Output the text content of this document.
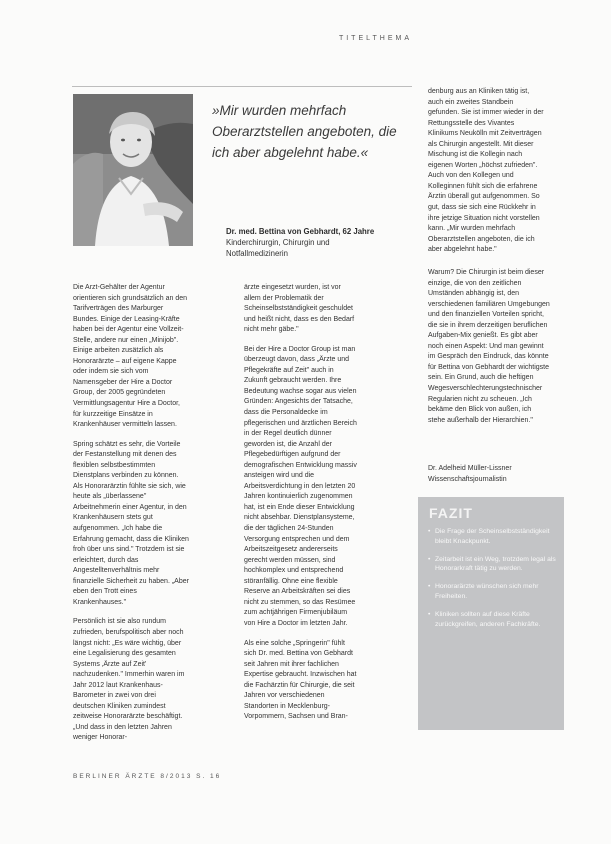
TITELTHEMA
»Mir wurden mehrfach Oberarztstellen angeboten, die ich aber abgelehnt habe.«
Dr. med. Bettina von Gebhardt, 62 Jahre
Kinderchirurgin, Chirurgin und Notfallmedizinerin

Die Arzt-Gehälter der Agentur orientieren sich grundsätzlich an den Tarifverträgen des Marburger Bundes. Einige der Leasing-Kräfte haben bei der Agentur eine Vollzeit-Stelle, andere nur einen „Minijob". Einige arbeiten zusätzlich als Honorarärzte – auf eigene Kappe oder indem sie sich vom Namensgeber der Hire a Doctor Group, der 2005 gegründeten Vermittlungsagentur Hire a Doctor, für kurzzeitige Einsätze in Krankenhäuser vermitteln lassen.

Spring schätzt es sehr, die Vorteile der Festanstellung mit denen des flexiblen selbstbestimmten Dienstplans verbinden zu können. Als Honorarärztin fühlte sie sich, wie heute als „überlassene" Arbeitnehmerin einer Agentur, in den Krankenhäusern stets gut aufgenommen. „Ich habe die Erfahrung gemacht, dass die Kliniken froh über uns sind." Trotzdem ist sie erleichtert, durch das Angestelltenverhältnis mehr finanzielle Sicherheit zu haben. „Aber eben den Trott eines Krankenhauses."

Persönlich ist sie also rundum zufrieden, berufspolitisch aber noch längst nicht: „Es wäre wichtig, über eine Legalisierung des gesamten Systems ‚Ärzte auf Zeit' nachzudenken." Immerhin waren im Jahr 2012 laut Krankenhaus-Barometer in zwei von drei deutschen Kliniken zumindest zeitweise Honorarärzte beschäftigt. „Und dass in den letzten Jahren weniger Honorar-

ärzte eingesetzt wurden, ist vor allem der Problematik der Scheinselbstständigkeit geschuldet und heißt nicht, dass es den Bedarf nicht mehr gäbe."

Bei der Hire a Doctor Group ist man überzeugt davon, dass „Ärzte und Pflegekräfte auf Zeit" auch in Zukunft gebraucht werden. Ihre Bedeutung wachse sogar aus vielen Gründen: Angesichts der Tatsache, dass die Personaldecke im pflegerischen und ärztlichen Bereich in der Regel deutlich dünner geworden ist, die Anzahl der Pflegebedürftigen aufgrund der demografischen Entwicklung massiv ansteigen wird und die Arbeitsverdichtung in den letzten 20 Jahren kontinuierlich zugenommen hat, ist ein Ende dieser Entwicklung nicht absehbar. Dienstplansysteme, die der täglichen 24-Stunden Versorgung entsprechen und dem Arbeitszeitgesetz andererseits gerecht werden müssen, sind hochkomplex und entsprechend störanfällig. Ohne eine flexible Reserve an Arbeitskräften sei dies nicht zu stemmen, so das Resümee zum achtjährigen Firmenjubiläum von Hire a Doctor im letzten Jahr.

Als eine solche „Springerin" fühlt sich Dr. med. Bettina von Gebhardt seit Jahren mit ihrer fachlichen Expertise gebraucht. Inzwischen hat die Fachärztin für Chirurgie, die seit Jahren vor verschiedenen Standorten in Mecklenburg-Vorpommern, Sachsen und Bran-

denburg aus an Kliniken tätig ist, auch ein zweites Standbein gefunden. Sie ist immer wieder in der Rettungsstelle des Vivantes Klinikums Neukölln mit Zeitverträgen als Chirurgin angestellt. Mit dieser Mischung ist die Kollegin nach eigenen Worten „höchst zufrieden". Auch von den Kollegen und Kolleginnen fühlt sich die erfahrene Ärztin überall gut aufgenommen. So gut, dass sie sich eine Rückkehr in ihre jetzige Situation nicht vorstellen kann. „Mir wurden mehrfach Oberarztstellen angeboten, die ich aber abgelehnt habe."

Warum? Die Chirurgin ist beim dieser einzige, die von den zeitlichen Umständen abhängig ist, den verschiedenen familiären Umgebungen und den finanziellen Vorteilen spricht, die sie in ihrem derzeitigen beruflichen Aufgaben-Mix genießt. Es gibt aber noch einen Aspekt: Und man gewinnt im Gespräch den Eindruck, das könnte für Bettina von Gebhardt der wichtigste sein. Ein Grund, auch die heftigen Wegesverschlechterungstechnischer Regularien nicht zu scheuen. „Ich bekäme den Blick von außen, ich stehe außerhalb der Hierarchien."

Dr. Adelheid Müller-Lissner
Wissenschaftsjournalistin
FAZIT
• Die Frage der Scheinselbstständigkeit bleibt Knackpunkt.
• Zeitarbeit ist ein Weg, trotzdem legal als Honorarkraft tätig zu werden.
• Honorarärzte wünschen sich mehr Freiheiten.
• Kliniken sollten auf diese Kräfte zurückgreifen, anderen Fachkräfte.
BERLINER ÄRZTE 8/2013 S. 16
